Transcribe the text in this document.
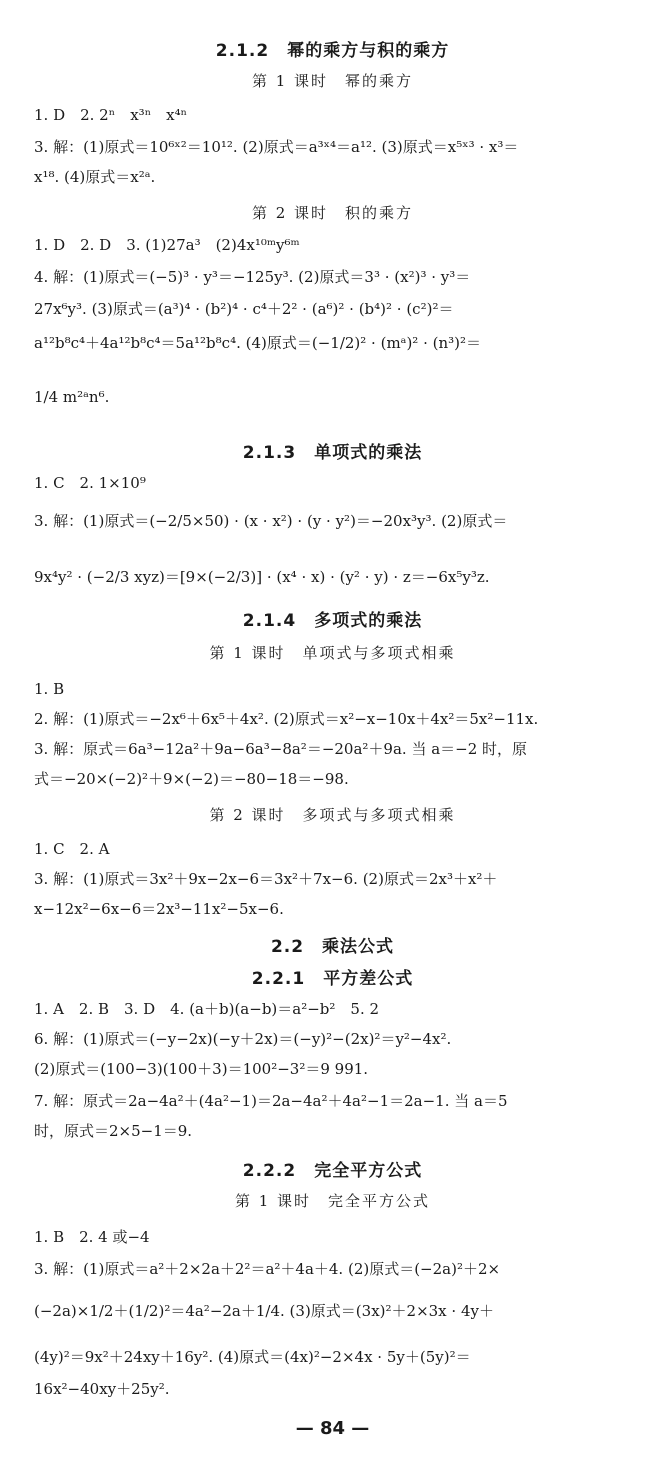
2.1.2　幂的乘方与积的乘方
第 1 课时　幂的乘方
1. D　2. 2ⁿ　x³ⁿ　x⁴ⁿ
3. 解：(1)原式＝10⁶ˣ²＝10¹². (2)原式＝a³ˣ⁴＝a¹². (3)原式＝x⁵ˣ³ · x³＝
x¹⁸. (4)原式＝x²ᵃ.
第 2 课时　积的乘方
1. D　2. D　3. (1)27a³　(2)4x¹⁰ᵐy⁶ᵐ
4. 解：(1)原式＝(−5)³ · y³＝−125y³. (2)原式＝3³ · (x²)³ · y³＝
27x⁶y³. (3)原式＝(a³)⁴ · (b²)⁴ · c⁴＋2² · (a⁶)² · (b⁴)² · (c²)²＝
a¹²b⁸c⁴＋4a¹²b⁸c⁴＝5a¹²b⁸c⁴. (4)原式＝(−1/2)² · (mᵃ)² · (n³)²＝
1/4 m²ᵃn⁶.
2.1.3　单项式的乘法
1. C　2. 1×10⁹
3. 解：(1)原式＝(−2/5×50) · (x · x²) · (y · y²)＝−20x³y³. (2)原式＝
9x⁴y² · (−2/3 xyz)＝[9×(−2/3)] · (x⁴ · x) · (y² · y) · z＝−6x⁵y³z.
2.1.4　多项式的乘法
第 1 课时　单项式与多项式相乘
1. B
2. 解：(1)原式＝−2x⁶＋6x⁵＋4x². (2)原式＝x²−x−10x＋4x²＝5x²−11x.
3. 解：原式＝6a³−12a²＋9a−6a³−8a²＝−20a²＋9a. 当 a＝−2 时，原
式＝−20×(−2)²＋9×(−2)＝−80−18＝−98.
第 2 课时　多项式与多项式相乘
1. C　2. A
3. 解：(1)原式＝3x²＋9x−2x−6＝3x²＋7x−6. (2)原式＝2x³＋x²＋
x−12x²−6x−6＝2x³−11x²−5x−6.
2.2　乘法公式
2.2.1　平方差公式
1. A　2. B　3. D　4. (a＋b)(a−b)＝a²−b²　5. 2
6. 解：(1)原式＝(−y−2x)(−y＋2x)＝(−y)²−(2x)²＝y²−4x².
(2)原式＝(100−3)(100＋3)＝100²−3²＝9 991.
7. 解：原式＝2a−4a²＋(4a²−1)＝2a−4a²＋4a²−1＝2a−1. 当 a＝5
时，原式＝2×5−1＝9.
2.2.2　完全平方公式
第 1 课时　完全平方公式
1. B　2. 4 或−4
3. 解：(1)原式＝a²＋2×2a＋2²＝a²＋4a＋4. (2)原式＝(−2a)²＋2×
(−2a)×1/2＋(1/2)²＝4a²−2a＋1/4. (3)原式＝(3x)²＋2×3x · 4y＋
(4y)²＝9x²＋24xy＋16y². (4)原式＝(4x)²−2×4x · 5y＋(5y)²＝
16x²−40xy＋25y².
— 84 —
